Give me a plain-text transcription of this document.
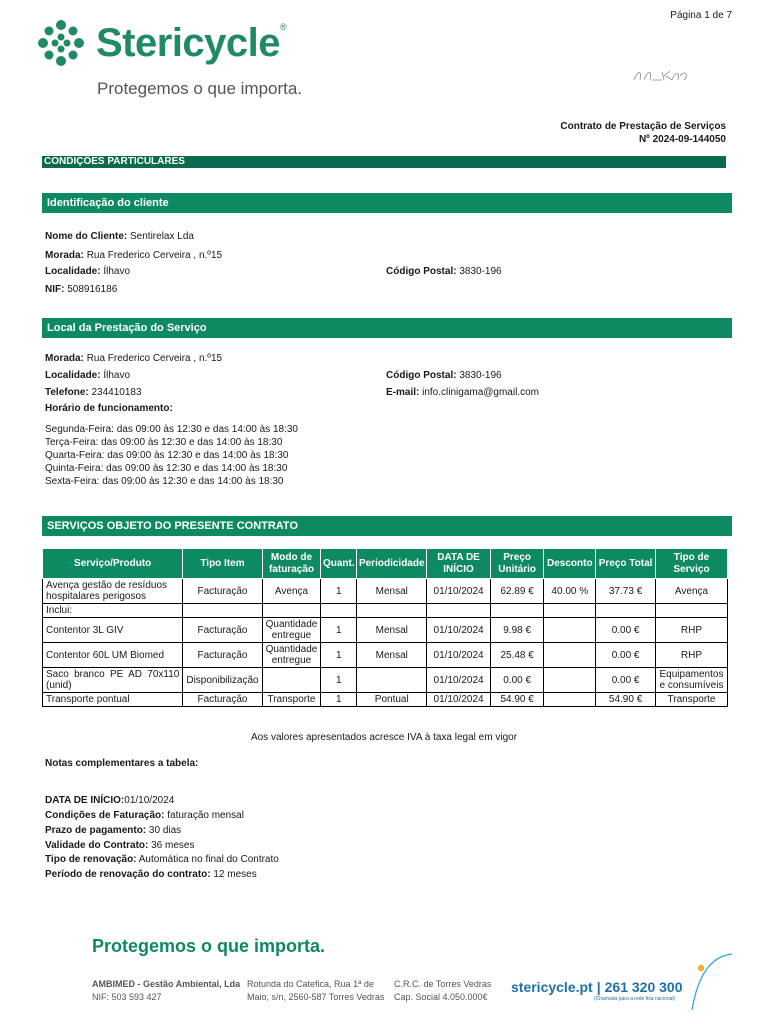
Página 1 de 7
Stericycle®
Protegemos o que importa.
Contrato de Prestação de Serviços
Nº 2024-09-144050
CONDIÇÕES PARTICULARES
Identificação do cliente
Nome do Cliente: Sentirelax Lda
Morada: Rua Frederico Cerveira , n.º15
Localidade: Ílhavo	Código Postal: 3830-196
NIF: 508916186
Local da Prestação do Serviço
Morada: Rua Frederico Cerveira , n.º15
Localidade: Ílhavo	Código Postal: 3830-196
Telefone: 234410183	E-mail: info.clinigama@gmail.com
Horário de funcionamento:
Segunda-Feira: das 09:00 às 12:30 e das 14:00 às 18:30
Terça-Feira: das 09:00 às 12:30 e das 14:00 às 18:30
Quarta-Feira: das 09:00 às 12:30 e das 14:00 às 18:30
Quinta-Feira: das 09:00 às 12:30 e das 14:00 às 18:30
Sexta-Feira: das 09:00 às 12:30 e das 14:00 às 18:30
SERVIÇOS OBJETO DO PRESENTE CONTRATO
Serviço/Produto	Tipo Item	Modo de faturação	Quant.	Periodicidade	DATA DE INÍCIO	Preço Unitário	Desconto	Preço Total	Tipo de Serviço
Avença gestão de resíduos hospitalares perigosos	Facturação	Avença	1	Mensal	01/10/2024	62.89 €	40.00 %	37.73 €	Avença
Inclui:									
Contentor 3L GIV	Facturação	Quantidade entregue	1	Mensal	01/10/2024	9.98 €		0.00 €	RHP
Contentor 60L UM Biomed	Facturação	Quantidade entregue	1	Mensal	01/10/2024	25.48 €		0.00 €	RHP
Saco branco PE AD 70x110 (unid)	Disponibilização		1		01/10/2024	0.00 €		0.00 €	Equipamentos e consumíveis
Transporte pontual	Facturação	Transporte	1	Pontual	01/10/2024	54.90 €		54.90 €	Transporte
Aos valores apresentados acresce IVA à taxa legal em vigor
Notas complementares a tabela:
DATA DE INÍCIO:01/10/2024
Condições de Faturação: faturação mensal
Prazo de pagamento: 30 dias
Validade do Contrato: 36 meses
Tipo de renovação: Automática no final do Contrato
Período de renovação do contrato: 12 meses
Protegemos o que importa.
AMBIMED - Gestão Ambiental, Lda
NIF: 503 593 427
Rotunda do Catefica, Rua 1ª de
Maio, s/n, 2560-587 Torres Vedras
C.R.C. de Torres Vedras
Cap. Social 4.050.000€
stericycle.pt | 261 320 300
(Chamada para a rede fixa nacional)
